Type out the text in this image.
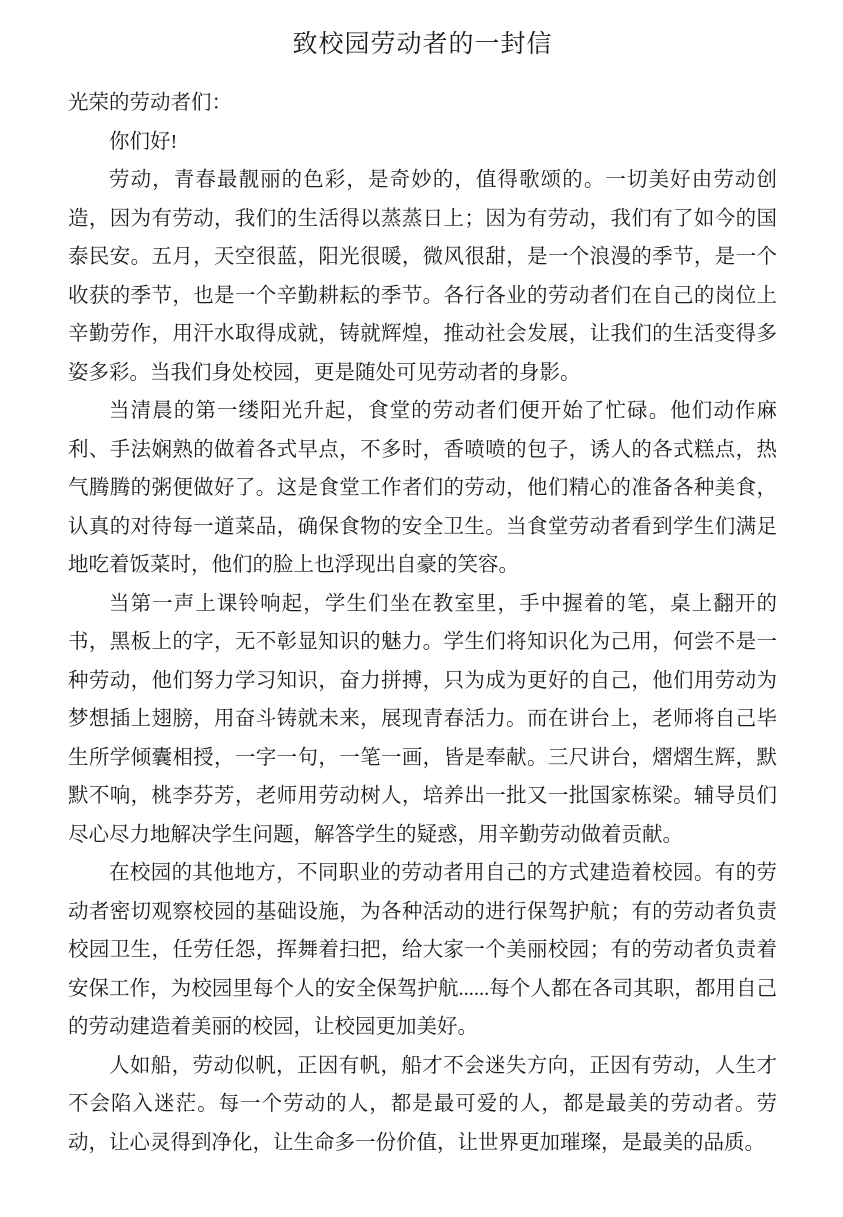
致校园劳动者的一封信

光荣的劳动者们：

你们好!

劳动，青春最靓丽的色彩，是奇妙的，值得歌颂的。一切美好由劳动创造，因为有劳动，我们的生活得以蒸蒸日上；因为有劳动，我们有了如今的国泰民安。五月，天空很蓝，阳光很暖，微风很甜，是一个浪漫的季节，是一个收获的季节，也是一个辛勤耕耘的季节。各行各业的劳动者们在自己的岗位上辛勤劳作，用汗水取得成就，铸就辉煌，推动社会发展，让我们的生活变得多姿多彩。当我们身处校园，更是随处可见劳动者的身影。

当清晨的第一缕阳光升起，食堂的劳动者们便开始了忙碌。他们动作麻利、手法娴熟的做着各式早点，不多时，香喷喷的包子，诱人的各式糕点，热气腾腾的粥便做好了。这是食堂工作者们的劳动，他们精心的准备各种美食，认真的对待每一道菜品，确保食物的安全卫生。当食堂劳动者看到学生们满足地吃着饭菜时，他们的脸上也浮现出自豪的笑容。

当第一声上课铃响起，学生们坐在教室里，手中握着的笔，桌上翻开的书，黑板上的字，无不彰显知识的魅力。学生们将知识化为己用，何尝不是一种劳动，他们努力学习知识，奋力拼搏，只为成为更好的自己，他们用劳动为梦想插上翅膀，用奋斗铸就未来，展现青春活力。而在讲台上，老师将自己毕生所学倾囊相授，一字一句，一笔一画，皆是奉献。三尺讲台，熠熠生辉，默默不响，桃李芬芳，老师用劳动树人，培养出一批又一批国家栋梁。辅导员们尽心尽力地解决学生问题，解答学生的疑惑，用辛勤劳动做着贡献。

在校园的其他地方，不同职业的劳动者用自己的方式建造着校园。有的劳动者密切观察校园的基础设施，为各种活动的进行保驾护航；有的劳动者负责校园卫生，任劳任怨，挥舞着扫把，给大家一个美丽校园；有的劳动者负责着安保工作，为校园里每个人的安全保驾护航......每个人都在各司其职，都用自己的劳动建造着美丽的校园，让校园更加美好。

人如船，劳动似帆，正因有帆，船才不会迷失方向，正因有劳动，人生才不会陷入迷茫。每一个劳动的人，都是最可爱的人，都是最美的劳动者。劳动，让心灵得到净化，让生命多一份价值，让世界更加璀璨，是最美的品质。
